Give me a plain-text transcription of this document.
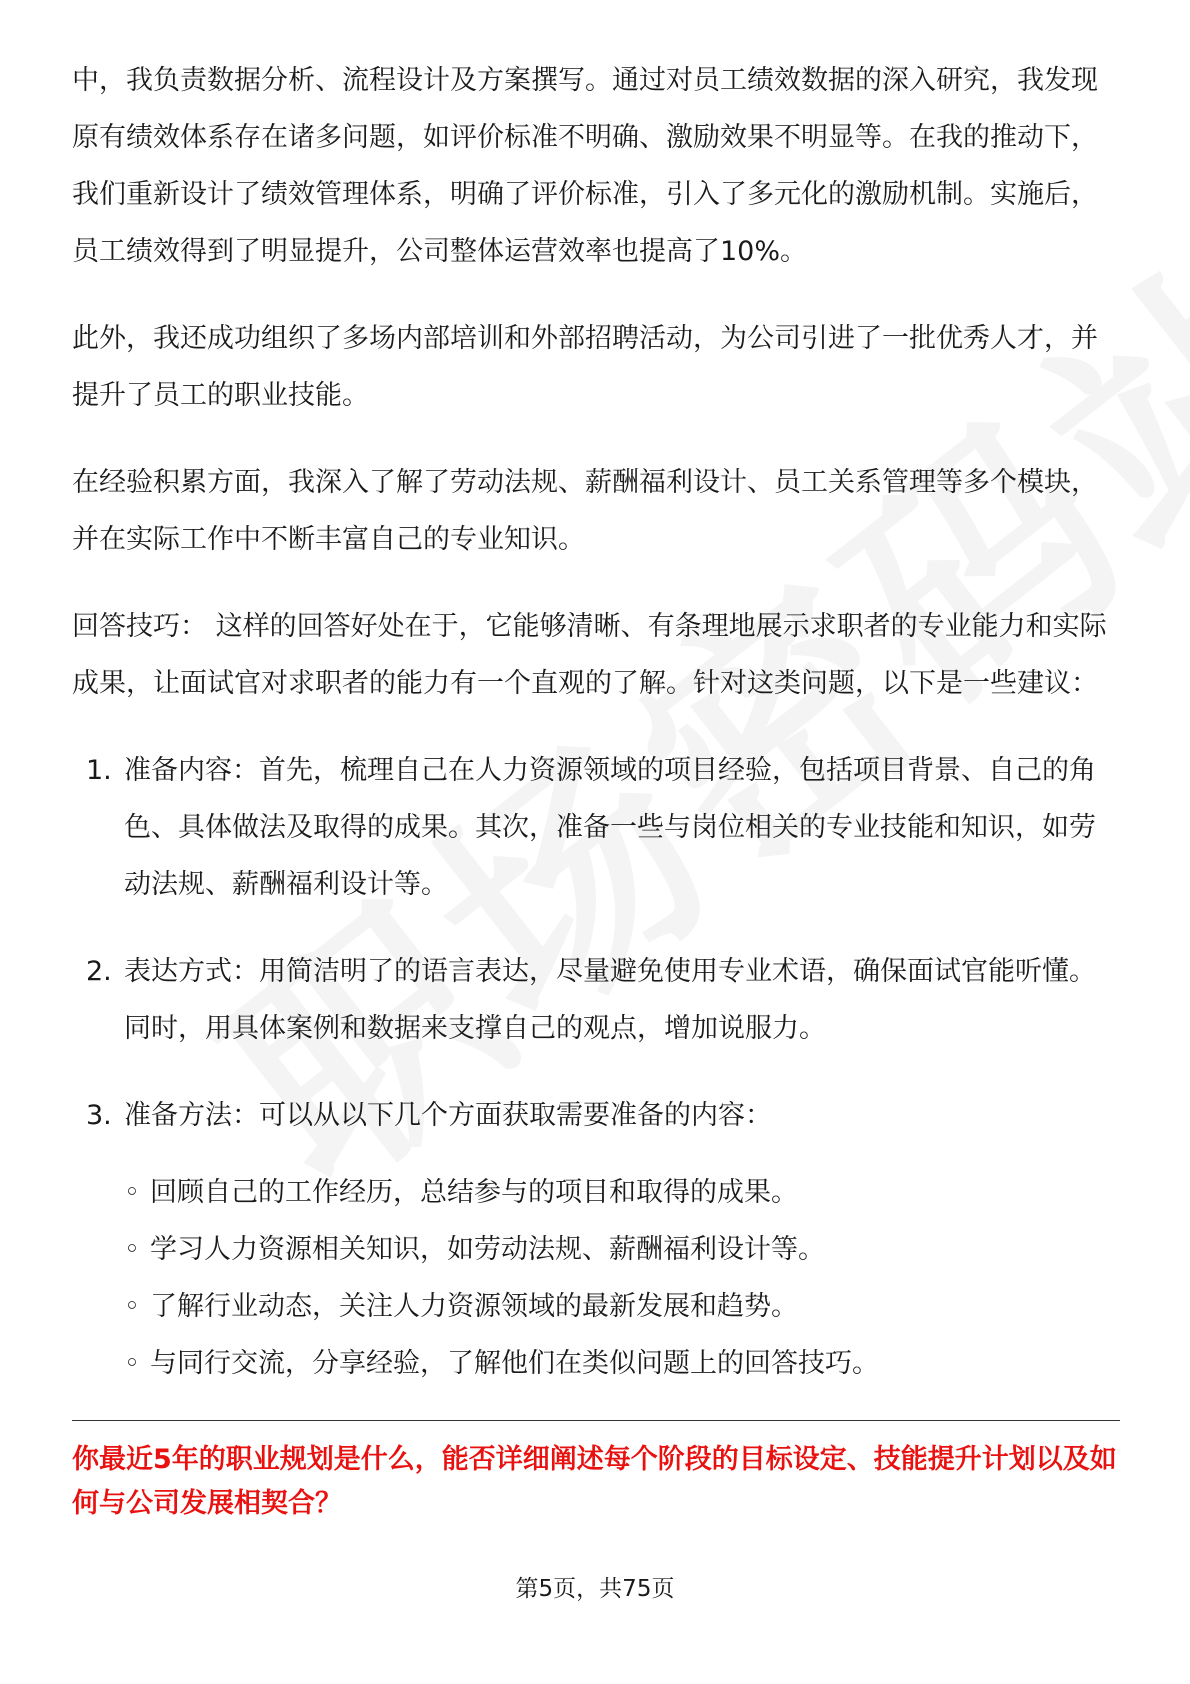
中，我负责数据分析、流程设计及方案撰写。通过对员工绩效数据的深入研究，我发现原有绩效体系存在诸多问题，如评价标准不明确、激励效果不明显等。在我的推动下，我们重新设计了绩效管理体系，明确了评价标准，引入了多元化的激励机制。实施后，员工绩效得到了明显提升，公司整体运营效率也提高了10%。

此外，我还成功组织了多场内部培训和外部招聘活动，为公司引进了一批优秀人才，并提升了员工的职业技能。

在经验积累方面，我深入了解了劳动法规、薪酬福利设计、员工关系管理等多个模块，并在实际工作中不断丰富自己的专业知识。

回答技巧： 这样的回答好处在于，它能够清晰、有条理地展示求职者的专业能力和实际成果，让面试官对求职者的能力有一个直观的了解。针对这类问题，以下是一些建议：

1. 准备内容：首先，梳理自己在人力资源领域的项目经验，包括项目背景、自己的角色、具体做法及取得的成果。其次，准备一些与岗位相关的专业技能和知识，如劳动法规、薪酬福利设计等。
2. 表达方式：用简洁明了的语言表达，尽量避免使用专业术语，确保面试官能听懂。同时，用具体案例和数据来支撑自己的观点，增加说服力。
3. 准备方法：可以从以下几个方面获取需要准备的内容：
◦ 回顾自己的工作经历，总结参与的项目和取得的成果。
◦ 学习人力资源相关知识，如劳动法规、薪酬福利设计等。
◦ 了解行业动态，关注人力资源领域的最新发展和趋势。
◦ 与同行交流，分享经验，了解他们在类似问题上的回答技巧。

你最近5年的职业规划是什么，能否详细阐述每个阶段的目标设定、技能提升计划以及如何与公司发展相契合？

第5页，共75页
